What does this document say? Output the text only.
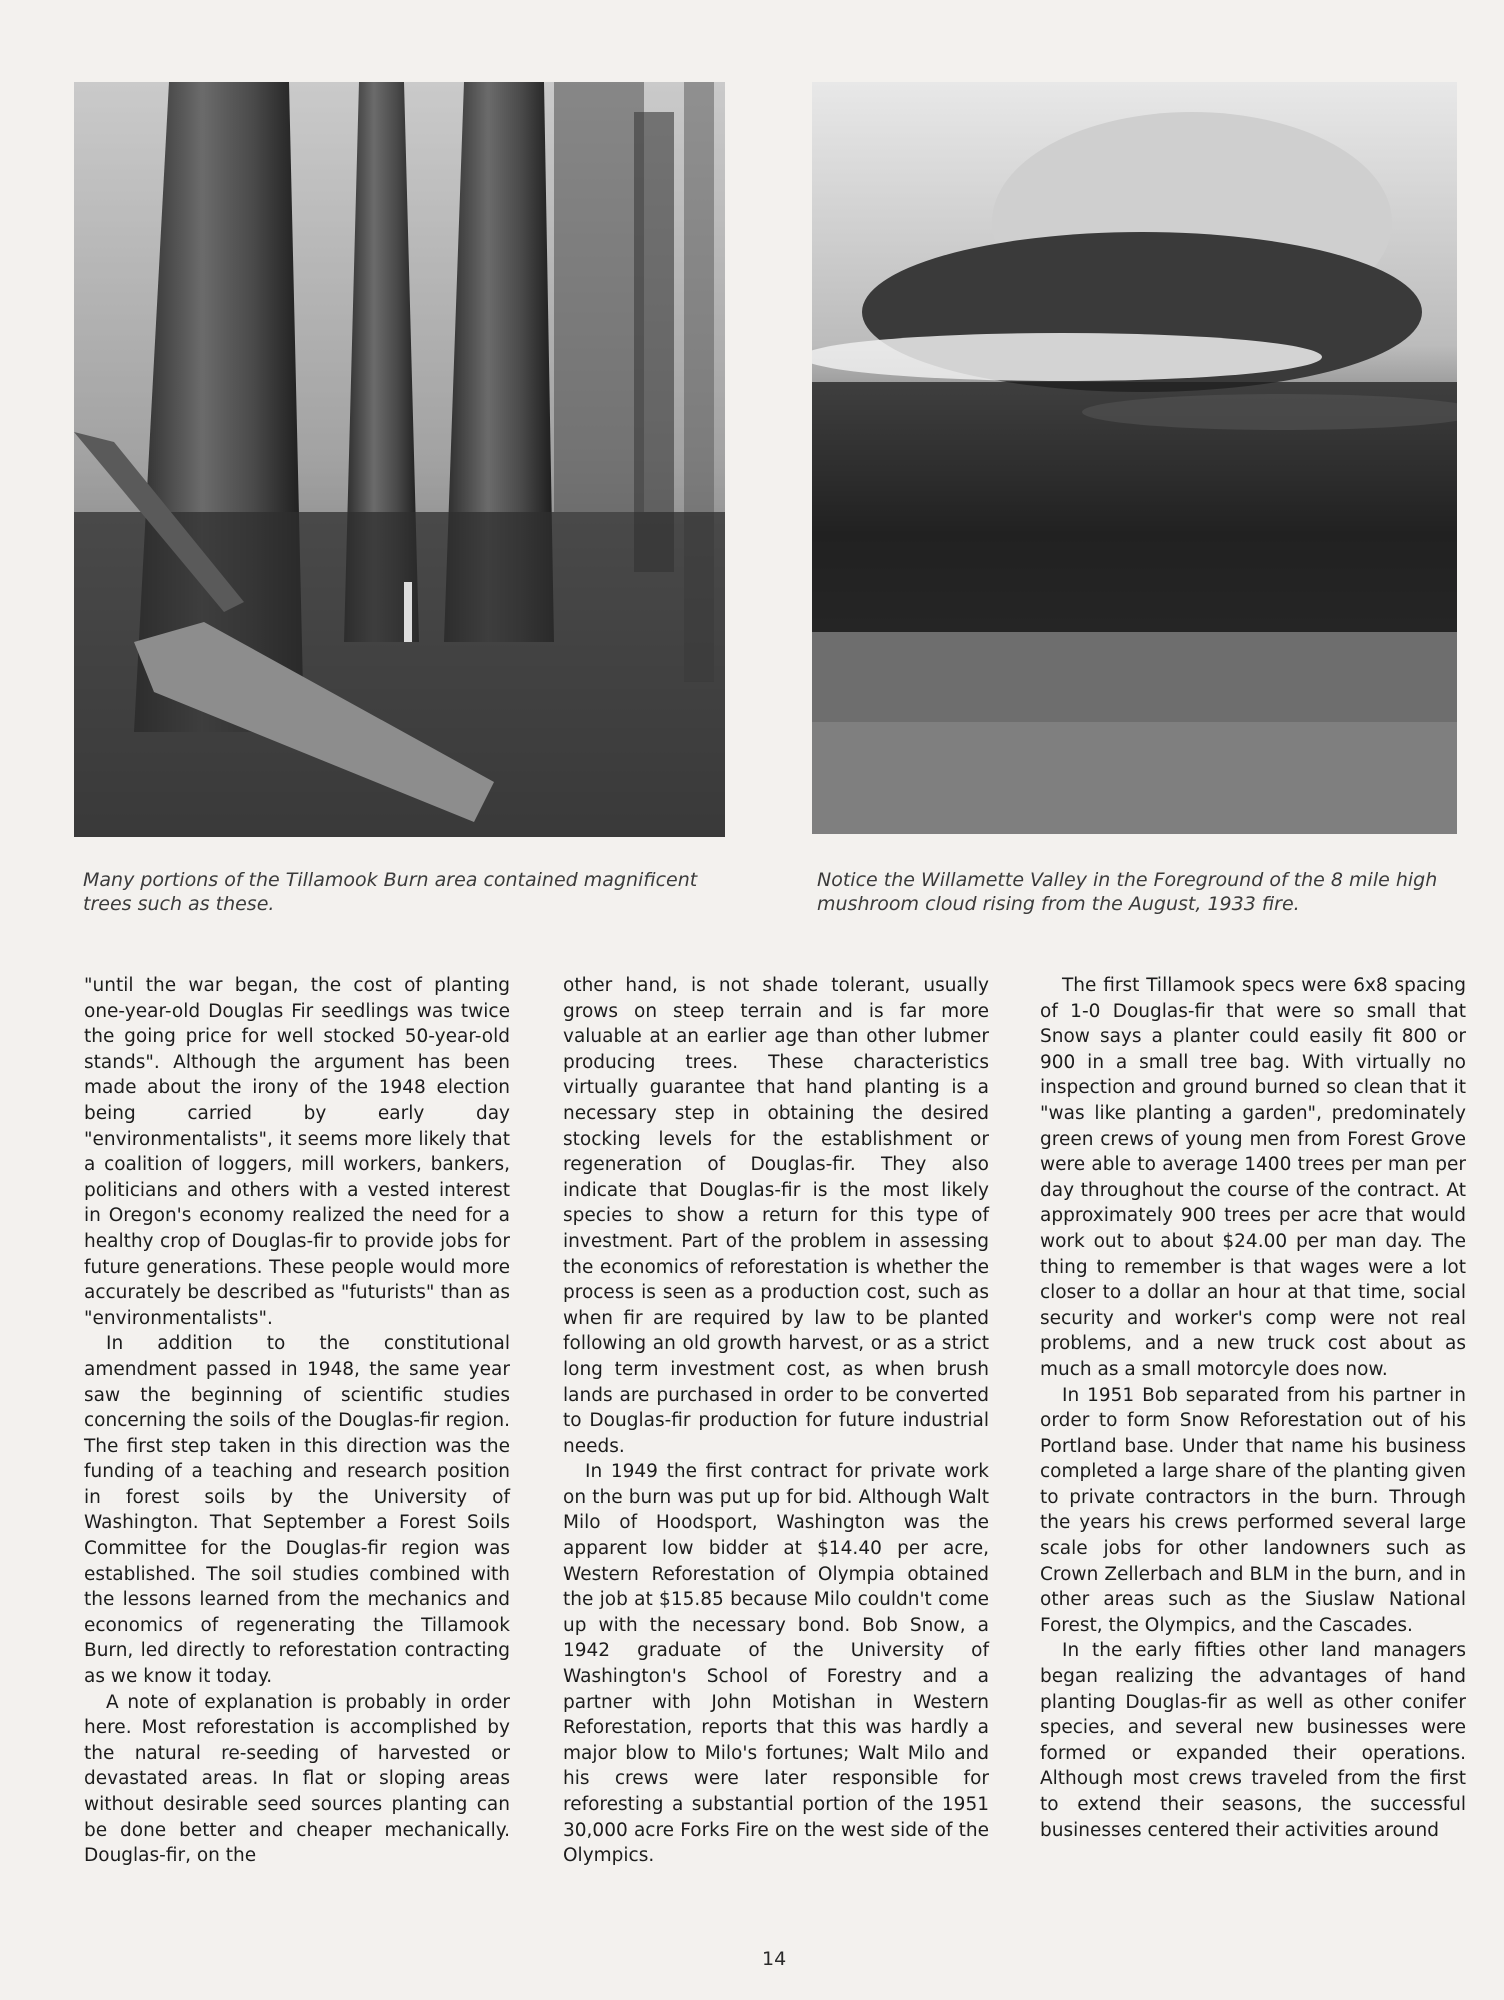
Many portions of the Tillamook Burn area contained magnificent trees such as these.
Notice the Willamette Valley in the Foreground of the 8 mile high mushroom cloud rising from the August, 1933 fire.

"until the war began, the cost of planting one-year-old Douglas Fir seedlings was twice the going price for well stocked 50-year-old stands". Although the argument has been made about the irony of the 1948 election being carried by early day "environmentalists", it seems more likely that a coalition of loggers, mill workers, bankers, politicians and others with a vested interest in Oregon's economy realized the need for a healthy crop of Douglas-fir to provide jobs for future generations. These people would more accurately be described as "futurists" than as "environmentalists".

In addition to the constitutional amendment passed in 1948, the same year saw the beginning of scientific studies concerning the soils of the Douglas-fir region. The first step taken in this direction was the funding of a teaching and research position in forest soils by the University of Washington. That September a Forest Soils Committee for the Douglas-fir region was established. The soil studies combined with the lessons learned from the mechanics and economics of regenerating the Tillamook Burn, led directly to reforestation contracting as we know it today.

A note of explanation is probably in order here. Most reforestation is accomplished by the natural re-seeding of harvested or devastated areas. In flat or sloping areas without desirable seed sources planting can be done better and cheaper mechanically. Douglas-fir, on the

other hand, is not shade tolerant, usually grows on steep terrain and is far more valuable at an earlier age than other lubmer producing trees. These characteristics virtually guarantee that hand planting is a necessary step in obtaining the desired stocking levels for the establishment or regeneration of Douglas-fir. They also indicate that Douglas-fir is the most likely species to show a return for this type of investment. Part of the problem in assessing the economics of reforestation is whether the process is seen as a production cost, such as when fir are required by law to be planted following an old growth harvest, or as a strict long term investment cost, as when brush lands are purchased in order to be converted to Douglas-fir production for future industrial needs.

In 1949 the first contract for private work on the burn was put up for bid. Although Walt Milo of Hoodsport, Washington was the apparent low bidder at $14.40 per acre, Western Reforestation of Olympia obtained the job at $15.85 because Milo couldn't come up with the necessary bond. Bob Snow, a 1942 graduate of the University of Washington's School of Forestry and a partner with John Motishan in Western Reforestation, reports that this was hardly a major blow to Milo's fortunes; Walt Milo and his crews were later responsible for reforesting a substantial portion of the 1951 30,000 acre Forks Fire on the west side of the Olympics.

The first Tillamook specs were 6x8 spacing of 1-0 Douglas-fir that were so small that Snow says a planter could easily fit 800 or 900 in a small tree bag. With virtually no inspection and ground burned so clean that it "was like planting a garden", predominately green crews of young men from Forest Grove were able to average 1400 trees per man per day throughout the course of the contract. At approximately 900 trees per acre that would work out to about $24.00 per man day. The thing to remember is that wages were a lot closer to a dollar an hour at that time, social security and worker's comp were not real problems, and a new truck cost about as much as a small motorcyle does now.

In 1951 Bob separated from his partner in order to form Snow Reforestation out of his Portland base. Under that name his business completed a large share of the planting given to private contractors in the burn. Through the years his crews performed several large scale jobs for other landowners such as Crown Zellerbach and BLM in the burn, and in other areas such as the Siuslaw National Forest, the Olympics, and the Cascades.

In the early fifties other land managers began realizing the advantages of hand planting Douglas-fir as well as other conifer species, and several new businesses were formed or expanded their operations. Although most crews traveled from the first to extend their seasons, the successful businesses centered their activities around

14
